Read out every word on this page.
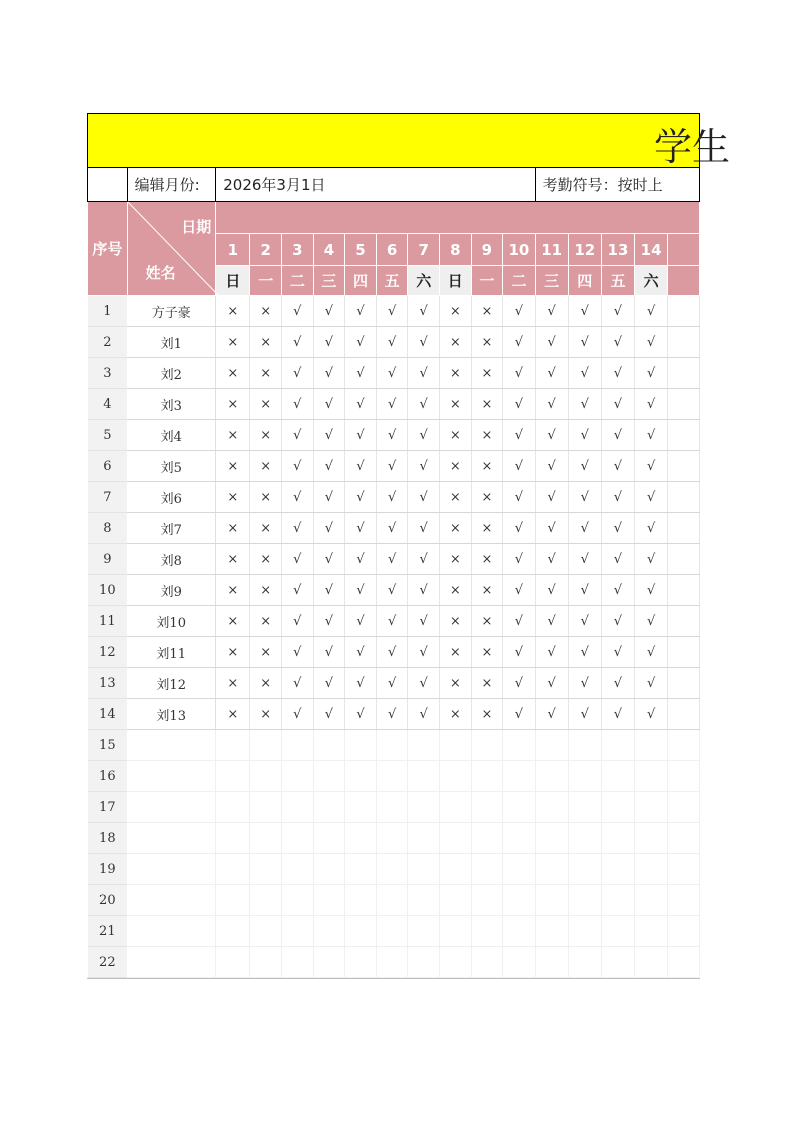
学生																

	编辑月份:	2026年3月1日										考勤符号：按时上				
序号	日期
姓名															

		1	2	3	4	5	6	7	8	9	10	11	12	13	14	
		日	一	二	三	四	五	六	日	一	二	三	四	五	六	
1	方子豪	×	×	√	√	√	√	√	×	×	√	√	√	√	√	
2	刘1	×	×	√	√	√	√	√	×	×	√	√	√	√	√	
3	刘2	×	×	√	√	√	√	√	×	×	√	√	√	√	√	
4	刘3	×	×	√	√	√	√	√	×	×	√	√	√	√	√	
5	刘4	×	×	√	√	√	√	√	×	×	√	√	√	√	√	
6	刘5	×	×	√	√	√	√	√	×	×	√	√	√	√	√	
7	刘6	×	×	√	√	√	√	√	×	×	√	√	√	√	√	
8	刘7	×	×	√	√	√	√	√	×	×	√	√	√	√	√	
9	刘8	×	×	√	√	√	√	√	×	×	√	√	√	√	√	
10	刘9	×	×	√	√	√	√	√	×	×	√	√	√	√	√	
11	刘10	×	×	√	√	√	√	√	×	×	√	√	√	√	√	
12	刘11	×	×	√	√	√	√	√	×	×	√	√	√	√	√	
13	刘12	×	×	√	√	√	√	√	×	×	√	√	√	√	√	
14	刘13	×	×	√	√	√	√	√	×	×	√	√	√	√	√	
15																
16																
17																
18																
19																
20																
21																
22																
